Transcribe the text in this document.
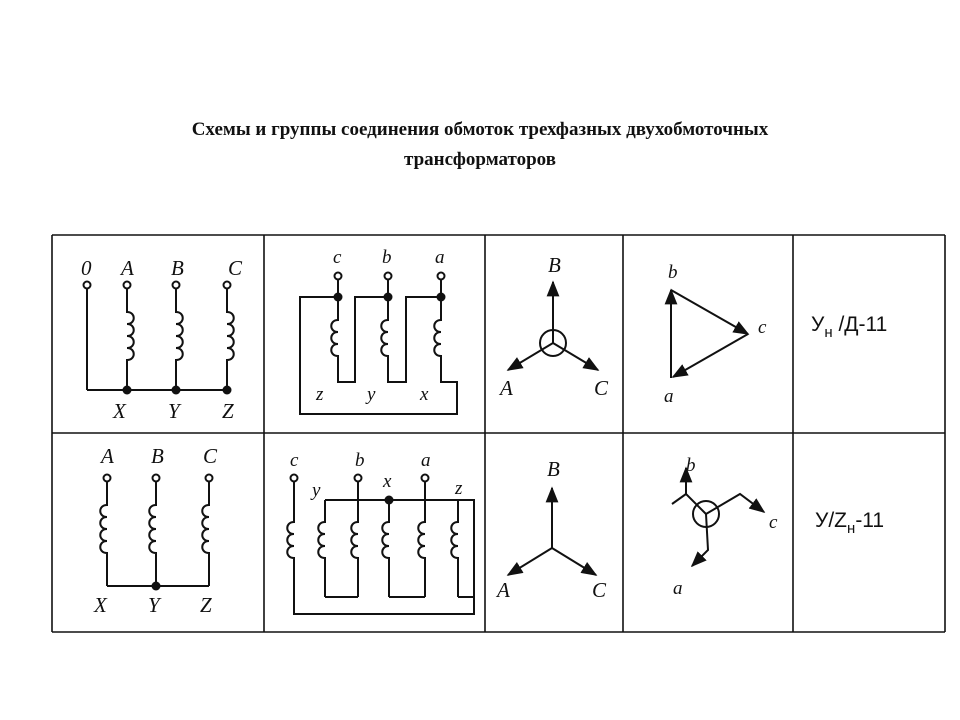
Схемы и группы соединения обмоток трехфазных двухобмоточных
трансформаторов
0 A B C
X Y Z
c b a
z y x
B
A	C
b
c
a
Ун /Д-11
A B C
X Y Z
c	b	a
y	x	z
B
A	C
b
c
a
У/Zн-11
